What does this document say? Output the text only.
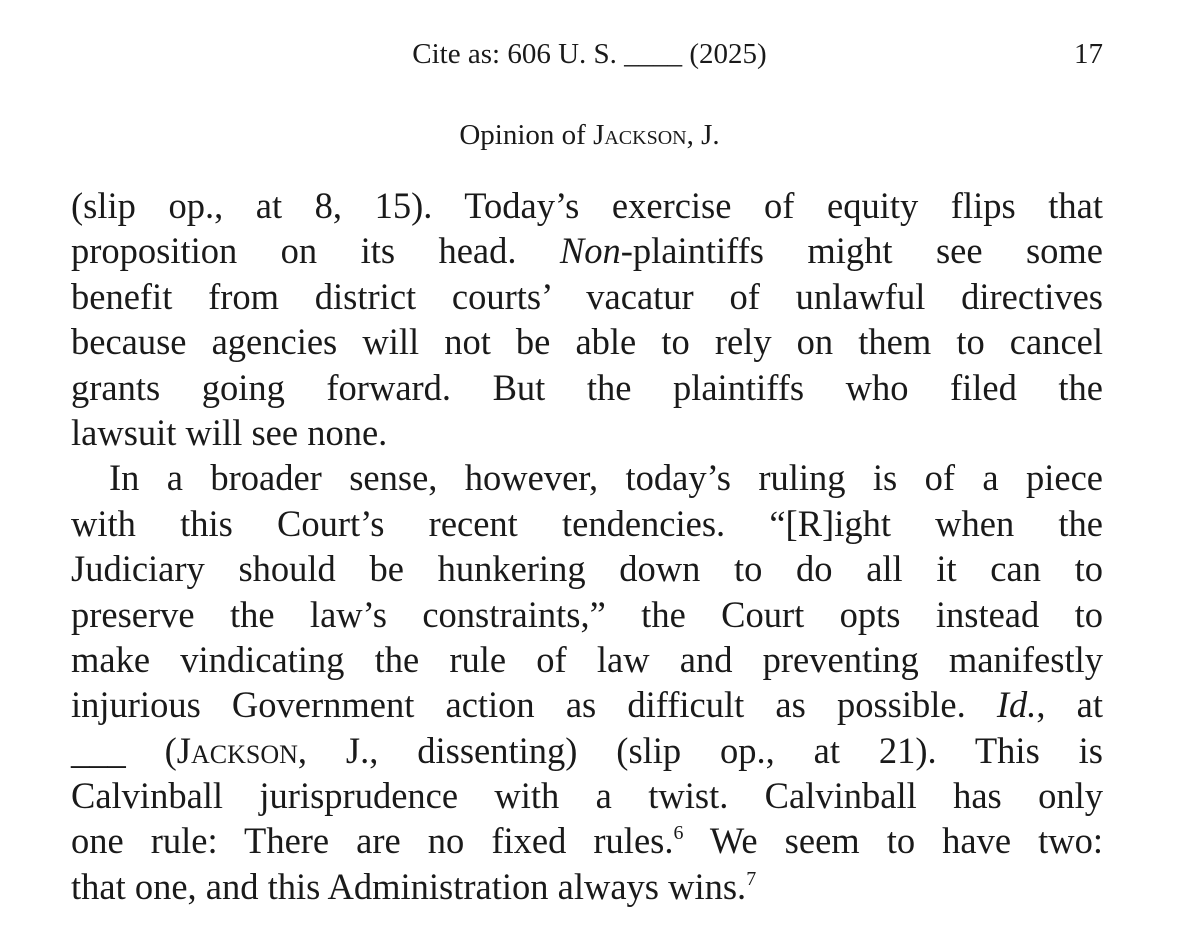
Cite as: 606 U. S. ____ (2025)	17
Opinion of Jackson, J.
(slip op., at 8, 15). Today’s exercise of equity flips that
proposition on its head. Non-plaintiffs might see some
benefit from district courts’ vacatur of unlawful directives
because agencies will not be able to rely on them to cancel
grants going forward. But the plaintiffs who filed the
lawsuit will see none.
In a broader sense, however, today’s ruling is of a piece
with this Court’s recent tendencies. “[R]ight when the
Judiciary should be hunkering down to do all it can to
preserve the law’s constraints,” the Court opts instead to
make vindicating the rule of law and preventing manifestly
injurious Government action as difficult as possible. Id., at
___ (Jackson, J., dissenting) (slip op., at 21). This is
Calvinball jurisprudence with a twist. Calvinball has only
one rule: There are no fixed rules.$^6$ We seem to have two:
that one, and this Administration always wins.$^7$
